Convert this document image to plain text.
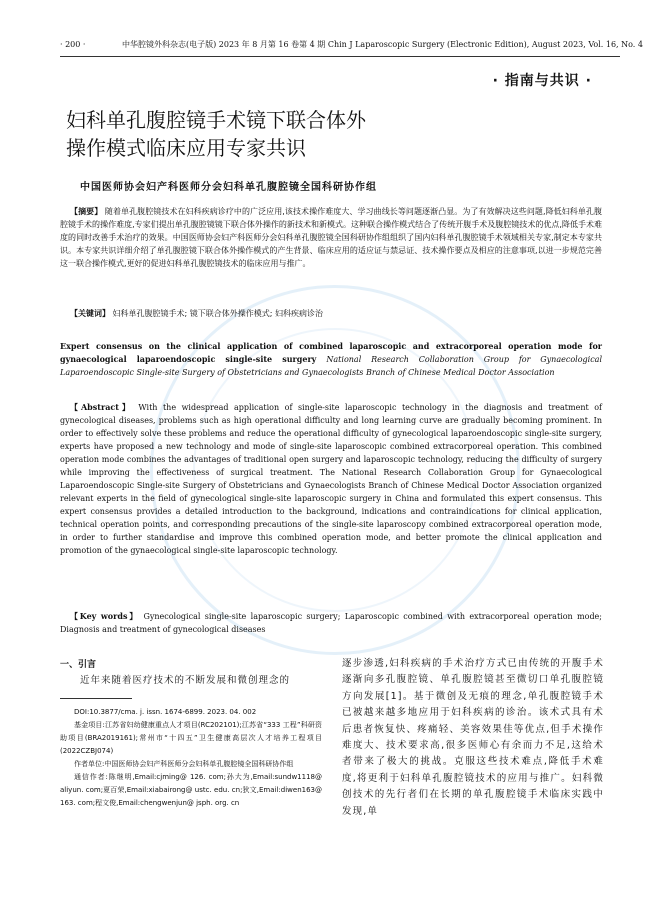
· 200 ·	中华腔镜外科杂志(电子版) 2023 年 8 月第 16 卷第 4 期 Chin J Laparoscopic Surgery (Electronic Edition), August 2023, Vol. 16, No. 4
· 指南与共识 ·
妇科单孔腹腔镜手术镜下联合体外
操作模式临床应用专家共识
中国医师协会妇产科医师分会妇科单孔腹腔镜全国科研协作组
【摘要】 随着单孔腹腔镜技术在妇科疾病诊疗中的广泛应用,该技术操作难度大、学习曲线长等问题逐渐凸显。为了有效解决这些问题,降低妇科单孔腹腔镜手术的操作难度,专家们提出单孔腹腔镜镜下联合体外操作的新技术和新模式。这种联合操作模式结合了传统开腹手术及腹腔镜技术的优点,降低手术难度的同时改善手术治疗的效果。中国医师协会妇产科医师分会妇科单孔腹腔镜全国科研协作组组织了国内妇科单孔腹腔镜手术领域相关专家,制定本专家共识。本专家共识详细介绍了单孔腹腔镜下联合体外操作模式的产生背景、临床应用的适应证与禁忌证、技术操作要点及相应的注意事项,以进一步规范完善这一联合操作模式,更好的促进妇科单孔腹腔镜技术的临床应用与推广。
【关键词】 妇科单孔腹腔镜手术; 镜下联合体外操作模式; 妇科疾病诊治
Expert consensus on the clinical application of combined laparoscopic and extracorporeal operation mode for gynaecological laparoendoscopic single-site surgery National Research Collaboration Group for Gynaecological Laparoendoscopic Single-site Surgery of Obstetricians and Gynaecologists Branch of Chinese Medical Doctor Association
【Abstract】 With the widespread application of single-site laparoscopic technology in the diagnosis and treatment of gynecological diseases, problems such as high operational difficulty and long learning curve are gradually becoming prominent. In order to effectively solve these problems and reduce the operational difficulty of gynecological laparoendoscopic single-site surgery, experts have proposed a new technology and mode of single-site laparoscopic combined extracorporeal operation. This combined operation mode combines the advantages of traditional open surgery and laparoscopic technology, reducing the difficulty of surgery while improving the effectiveness of surgical treatment. The National Research Collaboration Group for Gynaecological Laparoendoscopic Single-site Surgery of Obstetricians and Gynaecologists Branch of Chinese Medical Doctor Association organized relevant experts in the field of gynecological single-site laparoscopic surgery in China and formulated this expert consensus. This expert consensus provides a detailed introduction to the background, indications and contraindications for clinical application, technical operation points, and corresponding precautions of the single-site laparoscopy combined extracorporeal operation mode, in order to further standardise and improve this combined operation mode, and better promote the clinical application and promotion of the gynaecological single-site laparoscopic technology.
【Key words】 Gynecological single-site laparoscopic surgery; Laparoscopic combined with extracorporeal operation mode; Diagnosis and treatment of gynecological diseases
一、引言
近年来随着医疗技术的不断发展和微创理念的

DOI:10.3877/cma. j. issn. 1674-6899. 2023. 04. 002

基金项目:江苏省妇幼健康重点人才项目(RC202101);江苏省“333 工程”科研资助项目(BRA2019161);常州市“十四五”卫生健康高层次人才培养工程项目(2022CZBJ074)

作者单位:中国医师协会妇产科医师分会妇科单孔腹腔镜全国科研协作组

通信作者:陈继明,Email:cjming@ 126. com;孙大为,Email:sundw1118@ aliyun. com;夏百荣,Email:xiabairong@ ustc. edu. cn;狄文,Email:diwen163@ 163. com;程文俊,Email:chengwenjun@ jsph. org. cn

逐步渗透,妇科疾病的手术治疗方式已由传统的开腹手术逐渐向多孔腹腔镜、单孔腹腔镜甚至微切口单孔腹腔镜方向发展[1]。基于微创及无痕的理念,单孔腹腔镜手术已被越来越多地应用于妇科疾病的诊治。该术式具有术后患者恢复快、疼痛轻、美容效果佳等优点,但手术操作难度大、技术要求高,很多医师心有余而力不足,这给术者带来了极大的挑战。克服这些技术难点,降低手术难度,将更利于妇科单孔腹腔镜技术的应用与推广。妇科微创技术的先行者们在长期的单孔腹腔镜手术临床实践中发现,单
